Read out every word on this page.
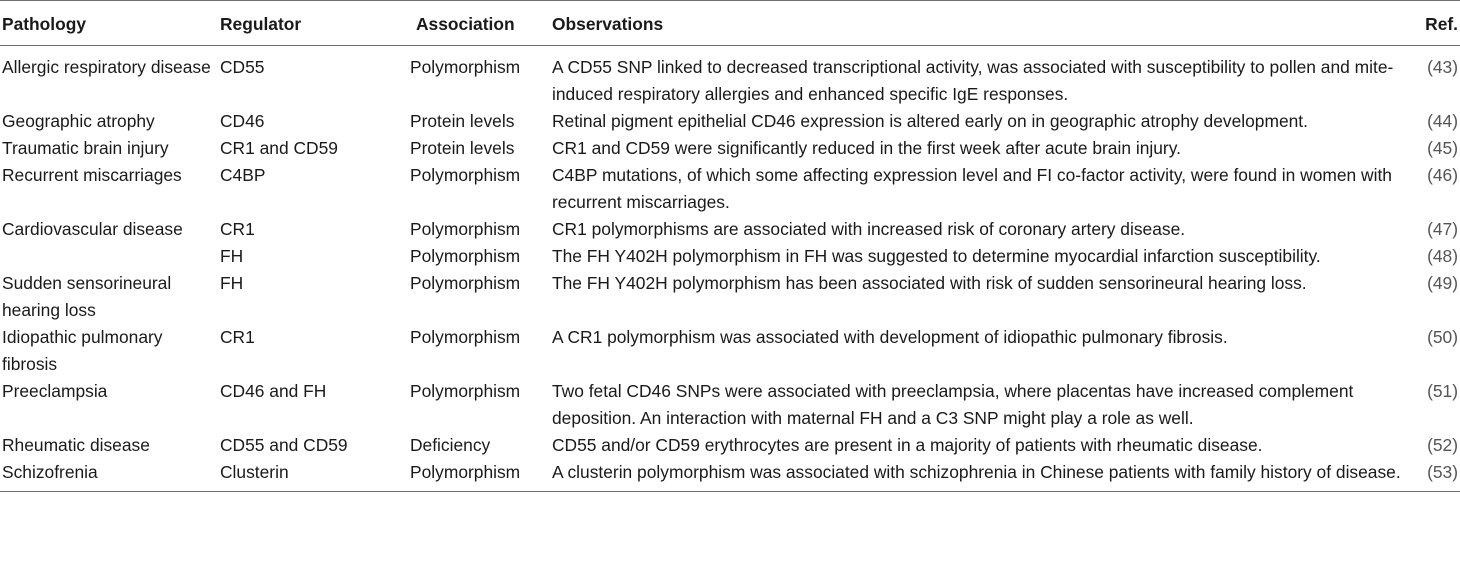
Pathology	Regulator	Association	Observations	Ref.
Allergic respiratory disease	CD55	Polymorphism	A CD55 SNP linked to decreased transcriptional activity, was associated with susceptibility to pollen and mite-induced respiratory allergies and enhanced specific IgE responses.	(43)
Geographic atrophy	CD46	Protein levels	Retinal pigment epithelial CD46 expression is altered early on in geographic atrophy development.	(44)
Traumatic brain injury	CR1 and CD59	Protein levels	CR1 and CD59 were significantly reduced in the first week after acute brain injury.	(45)
Recurrent miscarriages	C4BP	Polymorphism	C4BP mutations, of which some affecting expression level and FI co-factor activity, were found in women with recurrent miscarriages.	(46)
Cardiovascular disease	CR1	Polymorphism	CR1 polymorphisms are associated with increased risk of coronary artery disease.	(47)
	FH	Polymorphism	The FH Y402H polymorphism in FH was suggested to determine myocardial infarction susceptibility.	(48)
Sudden sensorineural hearing loss	FH	Polymorphism	The FH Y402H polymorphism has been associated with risk of sudden sensorineural hearing loss.	(49)
Idiopathic pulmonary fibrosis	CR1	Polymorphism	A CR1 polymorphism was associated with development of idiopathic pulmonary fibrosis.	(50)
Preeclampsia	CD46 and FH	Polymorphism	Two fetal CD46 SNPs were associated with preeclampsia, where placentas have increased complement deposition. An interaction with maternal FH and a C3 SNP might play a role as well.	(51)
Rheumatic disease	CD55 and CD59	Deficiency	CD55 and/or CD59 erythrocytes are present in a majority of patients with rheumatic disease.	(52)
Schizofrenia	Clusterin	Polymorphism	A clusterin polymorphism was associated with schizophrenia in Chinese patients with family history of disease.	(53)
